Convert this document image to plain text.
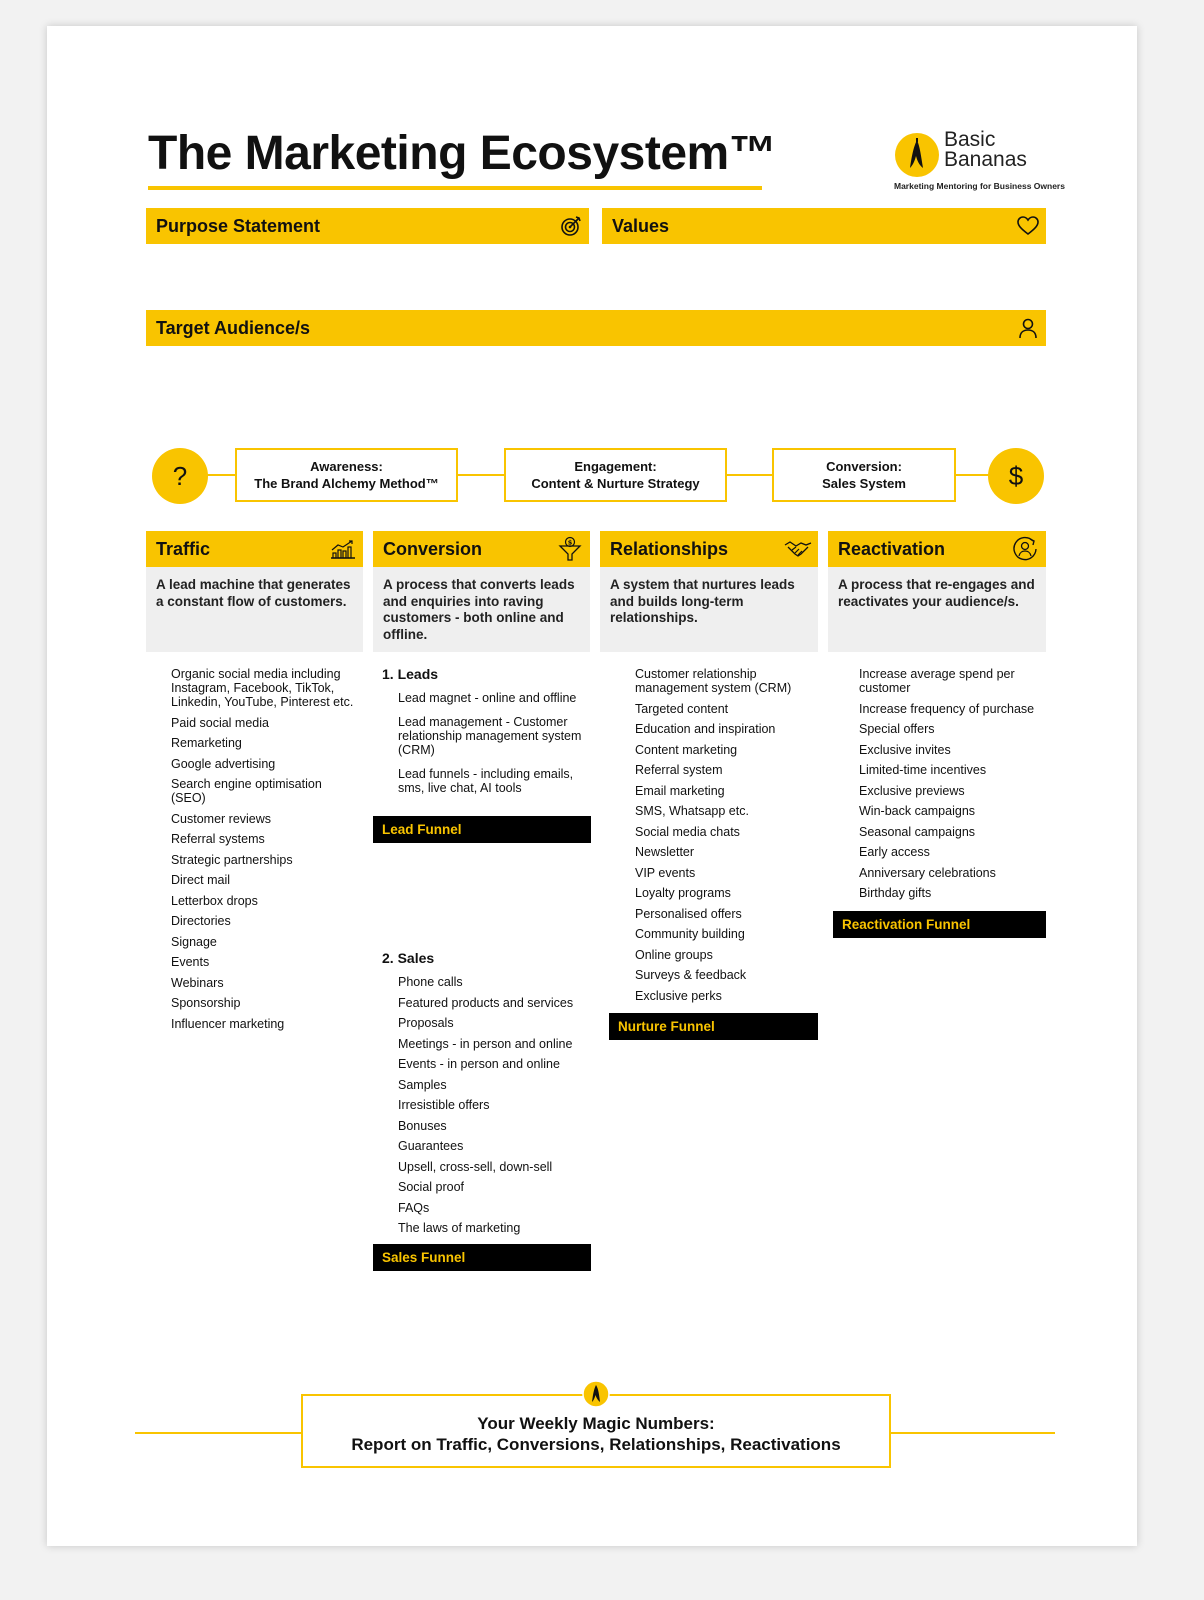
The Marketing Ecosystem™	Basic
Bananas
Marketing Mentoring for Business Owners
Purpose Statement	Values
Target Audience/s
?	Awareness:
The Brand Alchemy Method™
Engagement:
Content & Nurture Strategy
Conversion:
Sales System	$
Traffic	Conversion	$ Relationships	Reactivation
A lead machine that generates a constant flow of customers.
A process that converts leads and enquiries into raving customers - both online and offline.
A system that nurtures leads and builds long-term relationships.
A process that re-engages and reactivates your audience/s.
Organic social media including Instagram, Facebook, TikTok, Linkedin, YouTube, Pinterest etc.
Paid social media
Remarketing
Google advertising
Search engine optimisation (SEO)
Customer reviews
Referral systems
Strategic partnerships
Direct mail
Letterbox drops
Directories
Signage
Events
Webinars
Sponsorship
Influencer marketing
1. Leads
Lead magnet - online and offline
Lead management - Customer relationship management system (CRM)
Lead funnels - including emails, sms, live chat, AI tools
Lead Funnel
2. Sales
Phone calls
Featured products and services
Proposals
Meetings - in person and online
Events - in person and online
Samples
Irresistible offers
Bonuses
Guarantees
Upsell, cross-sell, down-sell
Social proof
FAQs
The laws of marketing
Sales Funnel
Customer relationship management system (CRM)
Targeted content
Education and inspiration
Content marketing
Referral system
Email marketing
SMS, Whatsapp etc.
Social media chats
Newsletter
VIP events
Loyalty programs
Personalised offers
Community building
Online groups
Surveys & feedback
Exclusive perks
Nurture Funnel
Increase average spend per customer
Increase frequency of purchase
Special offers
Exclusive invites
Limited-time incentives
Exclusive previews
Win-back campaigns
Seasonal campaigns
Early access
Anniversary celebrations
Birthday gifts
Reactivation Funnel
Your Weekly Magic Numbers:
Report on Traffic, Conversions, Relationships, Reactivations
